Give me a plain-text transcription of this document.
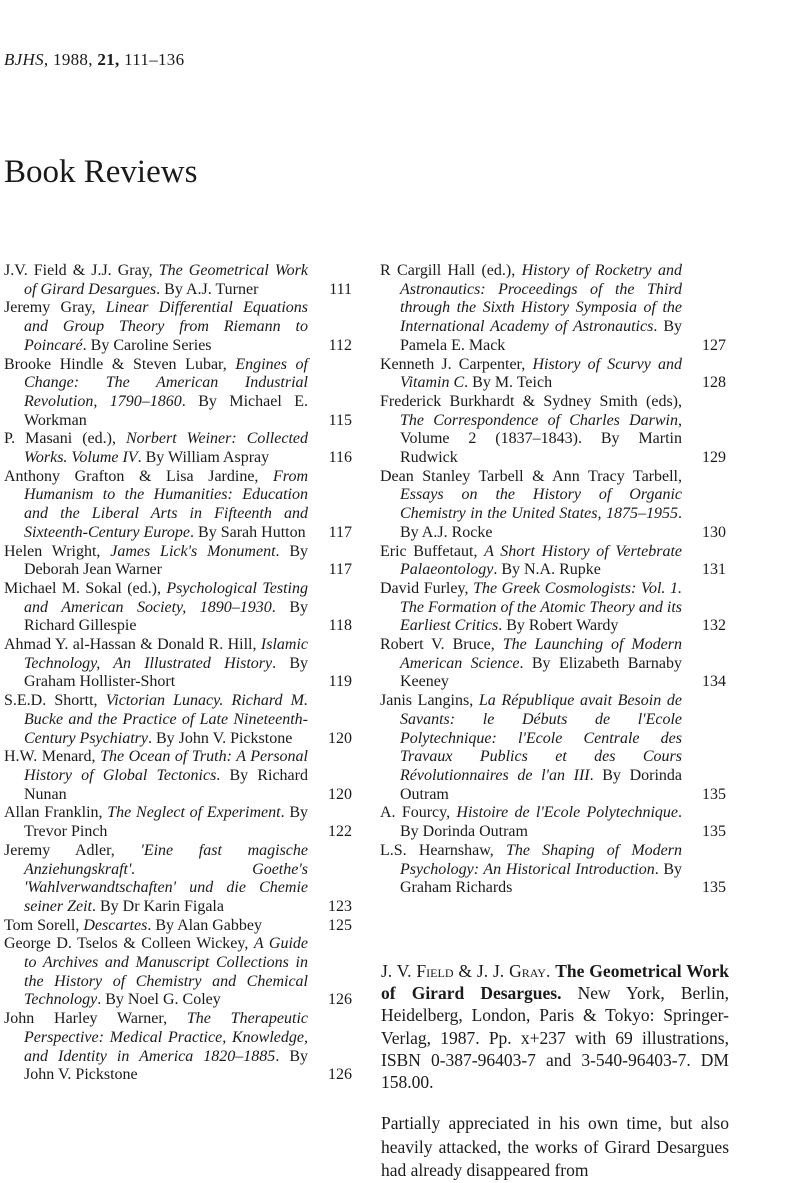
BJHS, 1988, 21, 111–136
Book Reviews
J.V. Field & J.J. Gray, The Geometrical Work of Girard Desargues. By A.J. Turner	111
Jeremy Gray, Linear Differential Equations and Group Theory from Riemann to Poincaré. By Caroline Series	112
Brooke Hindle & Steven Lubar, Engines of Change: The American Industrial Revolution, 1790–1860. By Michael E. Workman	115
P. Masani (ed.), Norbert Weiner: Collected Works. Volume IV. By William Aspray	116
Anthony Grafton & Lisa Jardine, From Humanism to the Humanities: Education and the Liberal Arts in Fifteenth and Sixteenth-Century Europe. By Sarah Hutton	117
Helen Wright, James Lick's Monument. By Deborah Jean Warner	117
Michael M. Sokal (ed.), Psychological Testing and American Society, 1890–1930. By Richard Gillespie	118
Ahmad Y. al-Hassan & Donald R. Hill, Islamic Technology, An Illustrated History. By Graham Hollister-Short	119
S.E.D. Shortt, Victorian Lunacy. Richard M. Bucke and the Practice of Late Nineteenth-Century Psychiatry. By John V. Pickstone	120
H.W. Menard, The Ocean of Truth: A Personal History of Global Tectonics. By Richard Nunan	120
Allan Franklin, The Neglect of Experiment. By Trevor Pinch	122
Jeremy Adler, 'Eine fast magische Anziehungskraft'. Goethe's 'Wahlverwandtschaften' und die Chemie seiner Zeit. By Dr Karin Figala	123
Tom Sorell, Descartes. By Alan Gabbey	125
George D. Tselos & Colleen Wickey, A Guide to Archives and Manuscript Collections in the History of Chemistry and Chemical Technology. By Noel G. Coley	126
John Harley Warner, The Therapeutic Perspective: Medical Practice, Knowledge, and Identity in America 1820–1885. By John V. Pickstone	126
R Cargill Hall (ed.), History of Rocketry and Astronautics: Proceedings of the Third through the Sixth History Symposia of the International Academy of Astronautics. By Pamela E. Mack	127
Kenneth J. Carpenter, History of Scurvy and Vitamin C. By M. Teich	128
Frederick Burkhardt & Sydney Smith (eds), The Correspondence of Charles Darwin, Volume 2 (1837–1843). By Martin Rudwick	129
Dean Stanley Tarbell & Ann Tracy Tarbell, Essays on the History of Organic Chemistry in the United States, 1875–1955. By A.J. Rocke	130
Eric Buffetaut, A Short History of Vertebrate Palaeontology. By N.A. Rupke	131
David Furley, The Greek Cosmologists: Vol. 1. The Formation of the Atomic Theory and its Earliest Critics. By Robert Wardy	132
Robert V. Bruce, The Launching of Modern American Science. By Elizabeth Barnaby Keeney	134
Janis Langins, La République avait Besoin de Savants: le Débuts de l'Ecole Polytechnique: l'Ecole Centrale des Travaux Publics et des Cours Révolutionnaires de l'an III. By Dorinda Outram	135
A. Fourcy, Histoire de l'Ecole Polytechnique. By Dorinda Outram	135
L.S. Hearnshaw, The Shaping of Modern Psychology: An Historical Introduction. By Graham Richards	135
J. V. Field & J. J. Gray. The Geometrical Work of Girard Desargues. New York, Berlin, Heidelberg, London, Paris & Tokyo: Springer-Verlag, 1987. Pp. x+237 with 69 illustrations, ISBN 0-387-96403-7 and 3-540-96403-7. DM 158.00.
Partially appreciated in his own time, but also heavily attacked, the works of Girard Desargues had already disappeared from
